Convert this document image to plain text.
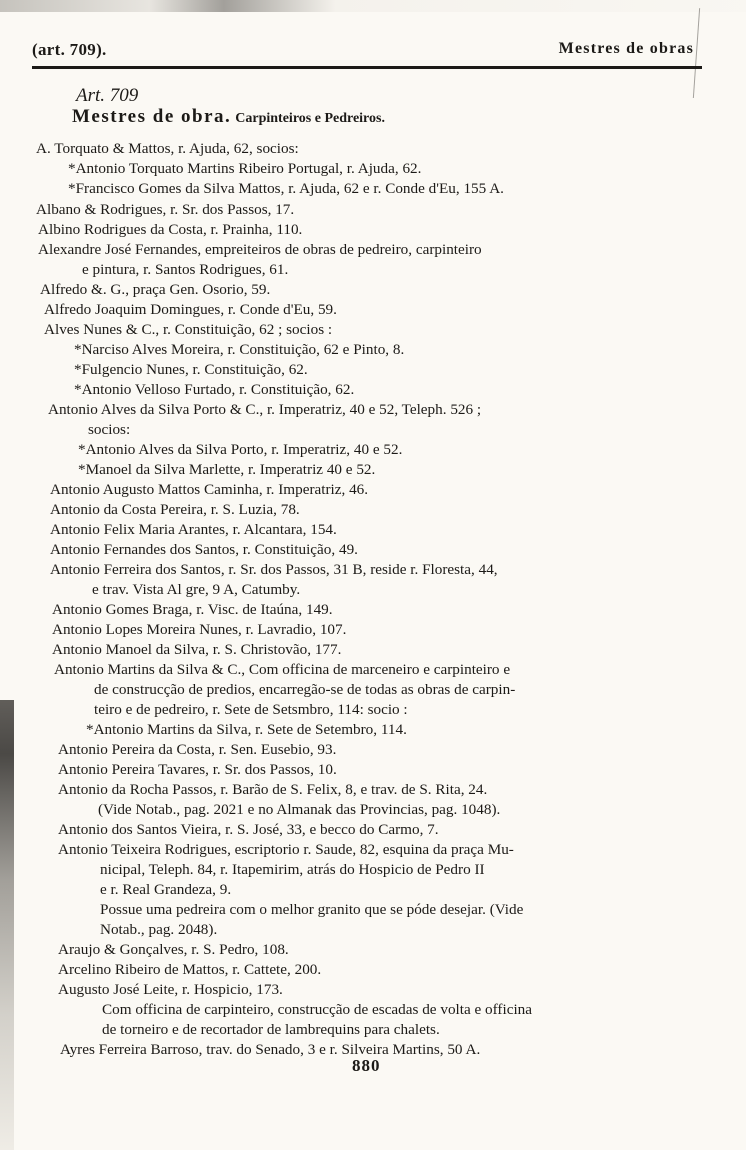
(art. 709).	Mestres de obras
Art. 709
Mestres de obra. Carpinteiros e Pedreiros.
A. Torquato & Mattos, r. Ajuda, 62, socios:
*Antonio Torquato Martins Ribeiro Portugal, r. Ajuda, 62.
*Francisco Gomes da Silva Mattos, r. Ajuda, 62 e r. Conde d'Eu, 155 A.
Albano & Rodrigues, r. Sr. dos Passos, 17.
Albino Rodrigues da Costa, r. Prainha, 110.
Alexandre José Fernandes, empreiteiros de obras de pedreiro, carpinteiro
e pintura, r. Santos Rodrigues, 61.
Alfredo &. G., praça Gen. Osorio, 59.
Alfredo Joaquim Domingues, r. Conde d'Eu, 59.
Alves Nunes & C., r. Constituição, 62 ; socios :
*Narciso Alves Moreira, r. Constituição, 62 e Pinto, 8.
*Fulgencio Nunes, r. Constituição, 62.
*Antonio Velloso Furtado, r. Constituição, 62.
Antonio Alves da Silva Porto & C., r. Imperatriz, 40 e 52, Teleph. 526 ;
socios:
*Antonio Alves da Silva Porto, r. Imperatriz, 40 e 52.
*Manoel da Silva Marlette, r. Imperatriz 40 e 52.
Antonio Augusto Mattos Caminha, r. Imperatriz, 46.
Antonio da Costa Pereira, r. S. Luzia, 78.
Antonio Felix Maria Arantes, r. Alcantara, 154.
Antonio Fernandes dos Santos, r. Constituição, 49.
Antonio Ferreira dos Santos, r. Sr. dos Passos, 31 B, reside r. Floresta, 44,
e trav. Vista Al gre, 9 A, Catumby.
Antonio Gomes Braga, r. Visc. de Itaúna, 149.
Antonio Lopes Moreira Nunes, r. Lavradio, 107.
Antonio Manoel da Silva, r. S. Christovão, 177.
Antonio Martins da Silva & C., Com officina de marceneiro e carpinteiro e
de construcção de predios, encarregão-se de todas as obras de carpin-
teiro e de pedreiro, r. Sete de Setsmbro, 114: socio :
*Antonio Martins da Silva, r. Sete de Setembro, 114.
Antonio Pereira da Costa, r. Sen. Eusebio, 93.
Antonio Pereira Tavares, r. Sr. dos Passos, 10.
Antonio da Rocha Passos, r. Barão de S. Felix, 8, e trav. de S. Rita, 24.
(Vide Notab., pag. 2021 e no Almanak das Provincias, pag. 1048).
Antonio dos Santos Vieira, r. S. José, 33, e becco do Carmo, 7.
Antonio Teixeira Rodrigues, escriptorio r. Saude, 82, esquina da praça Mu-
nicipal, Teleph. 84, r. Itapemirim, atrás do Hospicio de Pedro II
e r. Real Grandeza, 9.
Possue uma pedreira com o melhor granito que se póde desejar. (Vide
Notab., pag. 2048).
Araujo & Gonçalves, r. S. Pedro, 108.
Arcelino Ribeiro de Mattos, r. Cattete, 200.
Augusto José Leite, r. Hospicio, 173.
Com officina de carpinteiro, construcção de escadas de volta e officina
de torneiro e de recortador de lambrequins para chalets.
Ayres Ferreira Barroso, trav. do Senado, 3 e r. Silveira Martins, 50 A.
880
